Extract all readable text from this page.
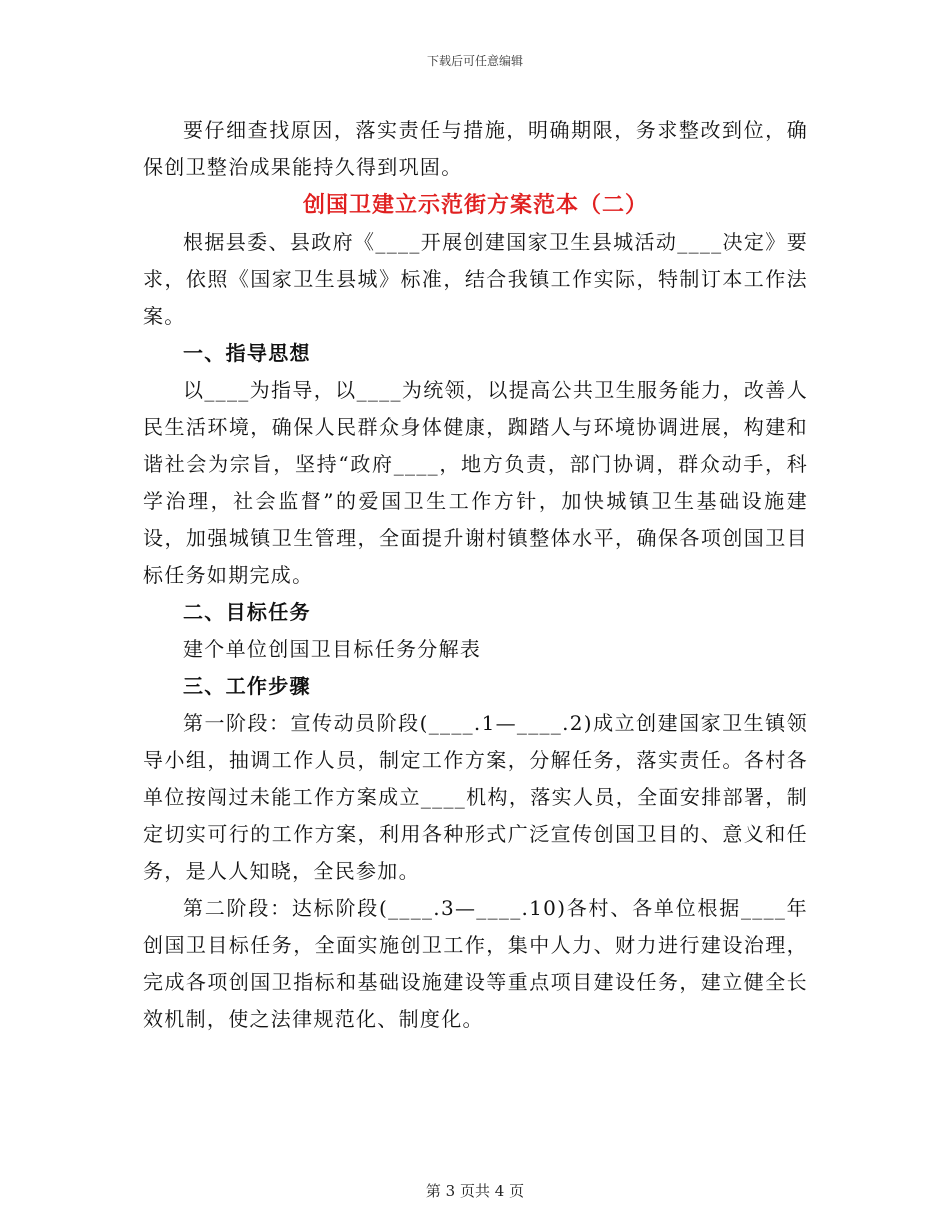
下载后可任意编辑

要仔细查找原因，落实责任与措施，明确期限，务求整改到位，确保创卫整治成果能持久得到巩固。

创国卫建立示范街方案范本（二）

根据县委、县政府《____开展创建国家卫生县城活动____决定》要求，依照《国家卫生县城》标准，结合我镇工作实际，特制订本工作法案。

一、指导思想

以____为指导，以____为统领，以提高公共卫生服务能力，改善人民生活环境，确保人民群众身体健康，踟踏人与环境协调进展，构建和谐社会为宗旨，坚持“政府____，地方负责，部门协调，群众动手，科学治理，社会监督”的爱国卫生工作方针，加快城镇卫生基础设施建设，加强城镇卫生管理，全面提升谢村镇整体水平，确保各项创国卫目标任务如期完成。

二、目标任务

建个单位创国卫目标任务分解表

三、工作步骤

第一阶段：宣传动员阶段(____.1—____.2)成立创建国家卫生镇领导小组，抽调工作人员，制定工作方案，分解任务，落实责任。各村各单位按闯过未能工作方案成立____机构，落实人员，全面安排部署，制定切实可行的工作方案，利用各种形式广泛宣传创国卫目的、意义和任务，是人人知晓，全民参加。

第二阶段：达标阶段(____.3—____.10)各村、各单位根据____年创国卫目标任务，全面实施创卫工作，集中人力、财力进行建设治理，完成各项创国卫指标和基础设施建设等重点项目建设任务，建立健全长效机制，使之法律规范化、制度化。

第 3 页共 4 页
